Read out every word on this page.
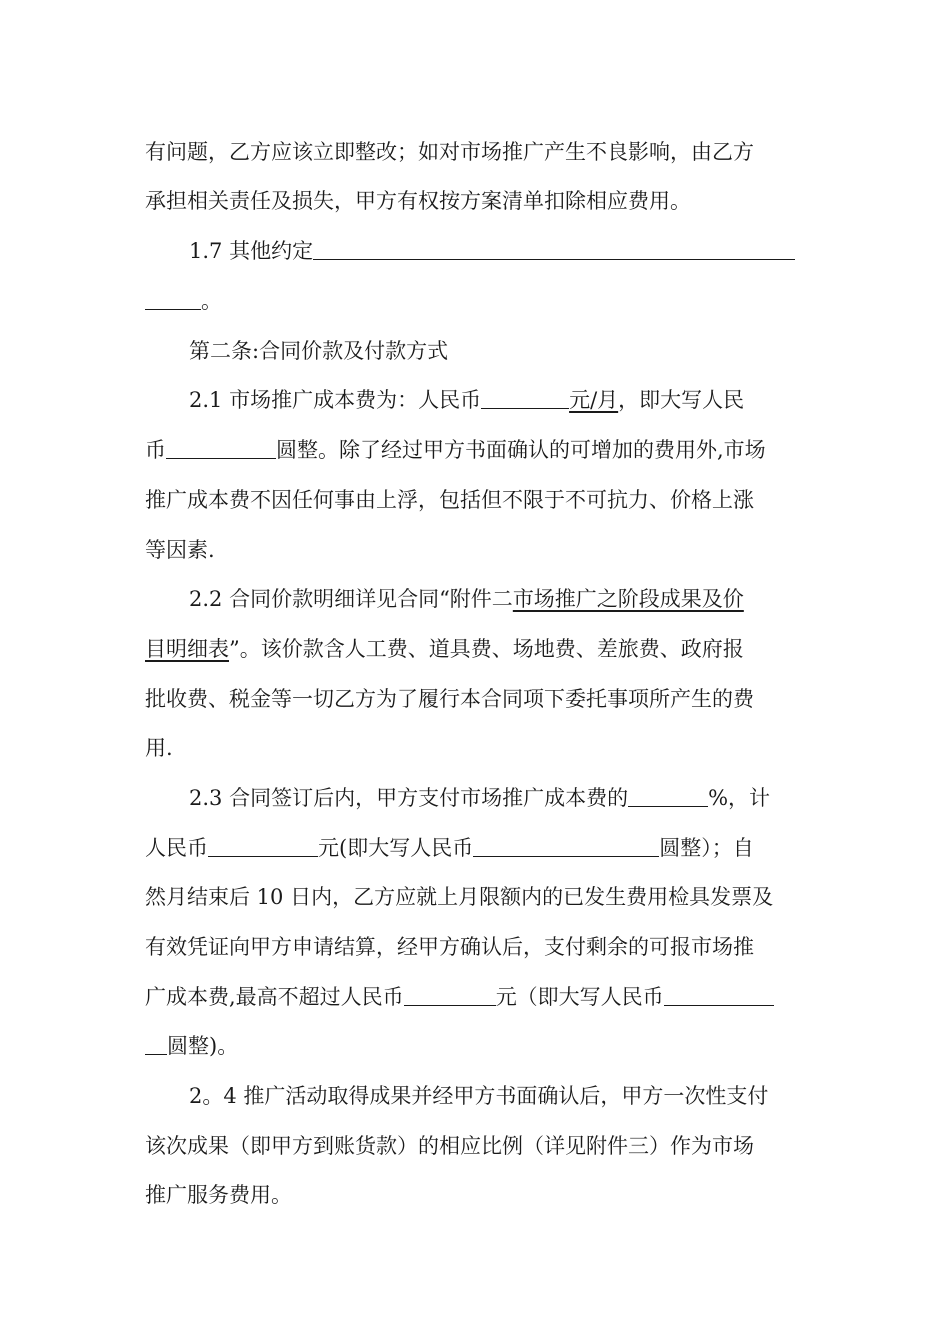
有问题，乙方应该立即整改；如对市场推广产生不良影响，由乙方
承担相关责任及损失，甲方有权按方案清单扣除相应费用。
1.7 其他约定
。
第二条:合同价款及付款方式
2.1 市场推广成本费为：人民币	元/月，即大写人民
币	圆整。除了经过甲方书面确认的可增加的费用外,市场
推广成本费不因任何事由上浮，包括但不限于不可抗力、价格上涨
等因素.
2.2 合同价款明细详见合同“附件二市场推广之阶段成果及价
目明细表”。该价款含人工费、道具费、场地费、差旅费、政府报
批收费、税金等一切乙方为了履行本合同项下委托事项所产生的费
用.
2.3 合同签订后内，甲方支付市场推广成本费的	%，计
人民币	元(即大写人民币	圆整）；自
然月结束后 10 日内，乙方应就上月限额内的已发生费用检具发票及
有效凭证向甲方申请结算，经甲方确认后，支付剩余的可报市场推
广成本费,最高不超过人民币	元（即大写人民币
圆整)。
2。4 推广活动取得成果并经甲方书面确认后，甲方一次性支付
该次成果（即甲方到账货款）的相应比例（详见附件三）作为市场
推广服务费用。
